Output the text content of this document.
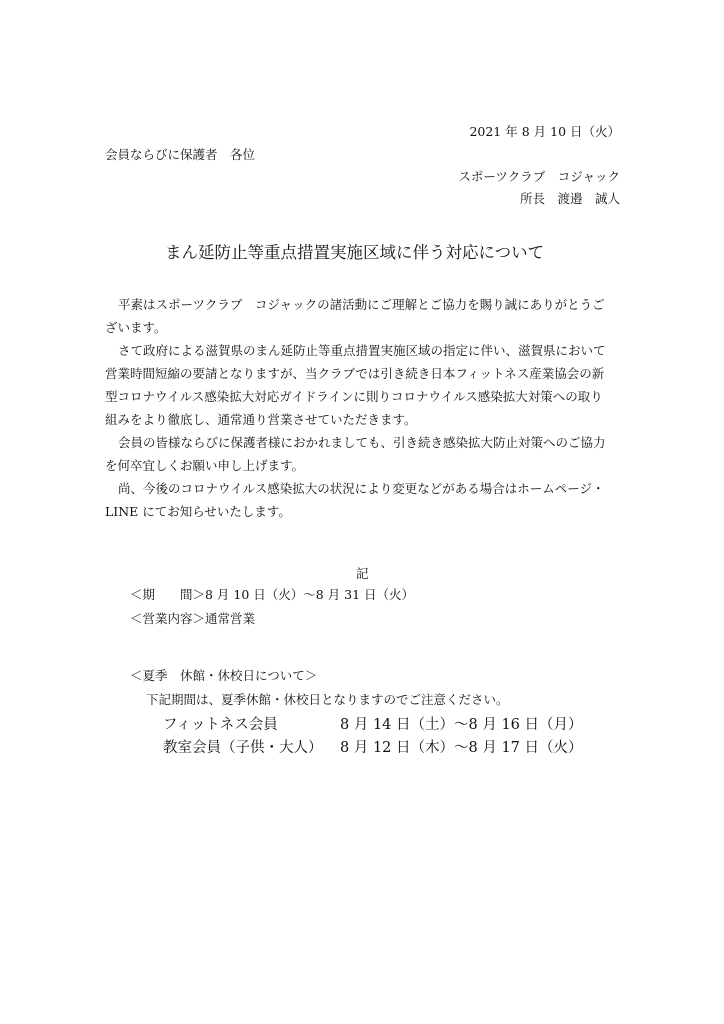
2021 年 8 月 10 日（火）
会員ならびに保護者　各位
スポーツクラブ　コジャック
所長　渡邉　誠人
まん延防止等重点措置実施区域に伴う対応について
平素はスポーツクラブ　コジャックの諸活動にご理解とご協力を賜り誠にありがとうご
ざいます。
さて政府による滋賀県のまん延防止等重点措置実施区域の指定に伴い、滋賀県において
営業時間短縮の要請となりますが、当クラブでは引き続き日本フィットネス産業協会の新
型コロナウイルス感染拡大対応ガイドラインに則りコロナウイルス感染拡大対策への取り
組みをより徹底し、通常通り営業させていただきます。
会員の皆様ならびに保護者様におかれましても、引き続き感染拡大防止対策へのご協力
を何卒宜しくお願い申し上げます。
尚、今後のコロナウイルス感染拡大の状況により変更などがある場合はホームページ・
LINE にてお知らせいたします。
記
＜期　　間＞8 月 10 日（火）～8 月 31 日（火）
＜営業内容＞通常営業
＜夏季　休館・休校日について＞
下記期間は、夏季休館・休校日となりますのでご注意ください。
フィットネス会員	8 月 14 日（土）～8 月 16 日（月）
教室会員（子供・大人） 8 月 12 日（木）～8 月 17 日（火）
